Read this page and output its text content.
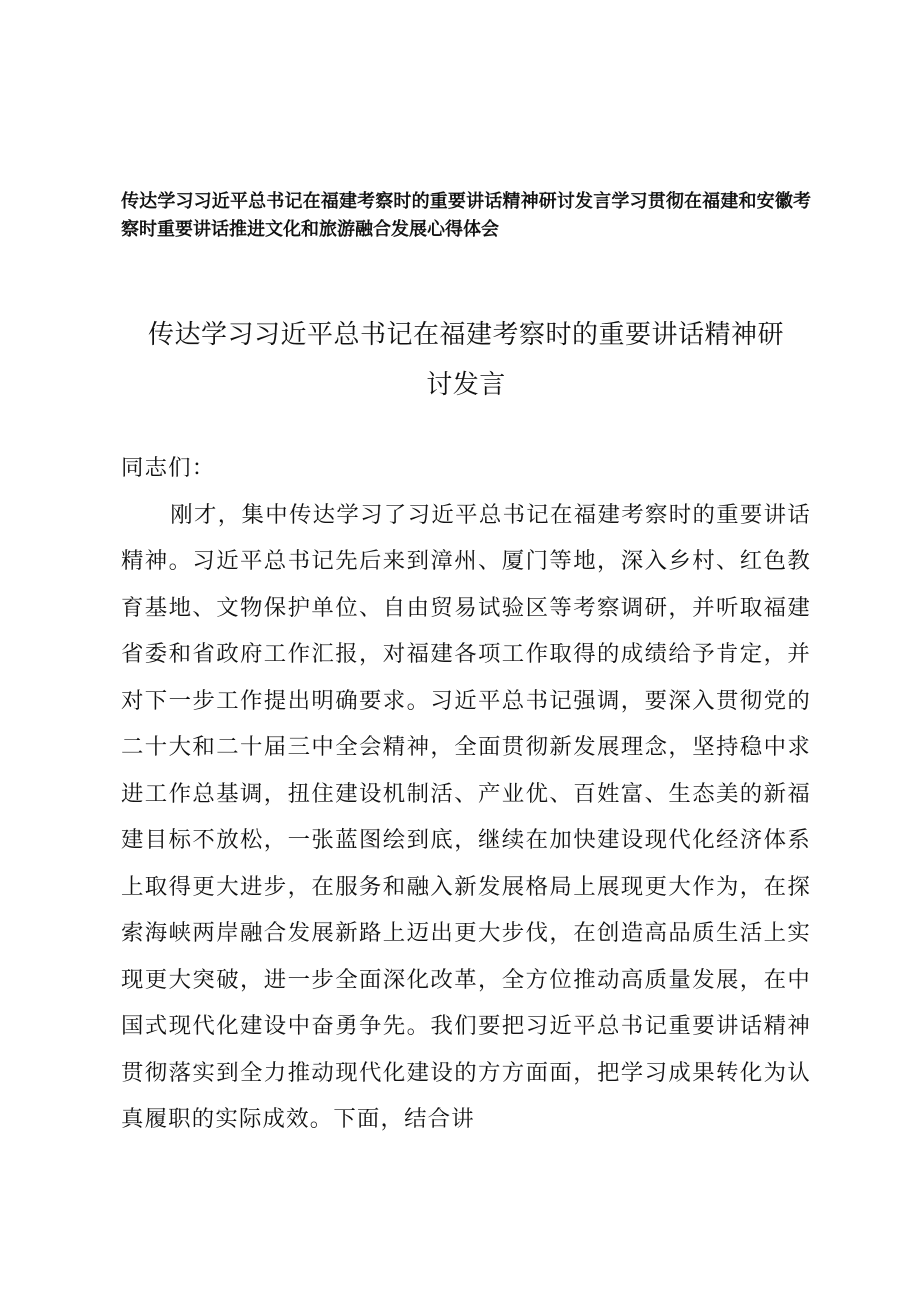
传达学习习近平总书记在福建考察时的重要讲话精神研讨发言学习贯彻在福建和安徽考察时重要讲话推进文化和旅游融合发展心得体会
传达学习习近平总书记在福建考察时的重要讲话精神研
讨发言

同志们：

刚才，集中传达学习了习近平总书记在福建考察时的重要讲话精神。习近平总书记先后来到漳州、厦门等地，深入乡村、红色教育基地、文物保护单位、自由贸易试验区等考察调研，并听取福建省委和省政府工作汇报，对福建各项工作取得的成绩给予肯定，并对下一步工作提出明确要求。习近平总书记强调，要深入贯彻党的二十大和二十届三中全会精神，全面贯彻新发展理念，坚持稳中求进工作总基调，扭住建设机制活、产业优、百姓富、生态美的新福建目标不放松，一张蓝图绘到底，继续在加快建设现代化经济体系上取得更大进步，在服务和融入新发展格局上展现更大作为，在探索海峡两岸融合发展新路上迈出更大步伐，在创造高品质生活上实现更大突破，进一步全面深化改革，全方位推动高质量发展，在中国式现代化建设中奋勇争先。我们要把习近平总书记重要讲话精神贯彻落实到全力推动现代化建设的方方面面，把学习成果转化为认真履职的实际成效。下面，结合讲
